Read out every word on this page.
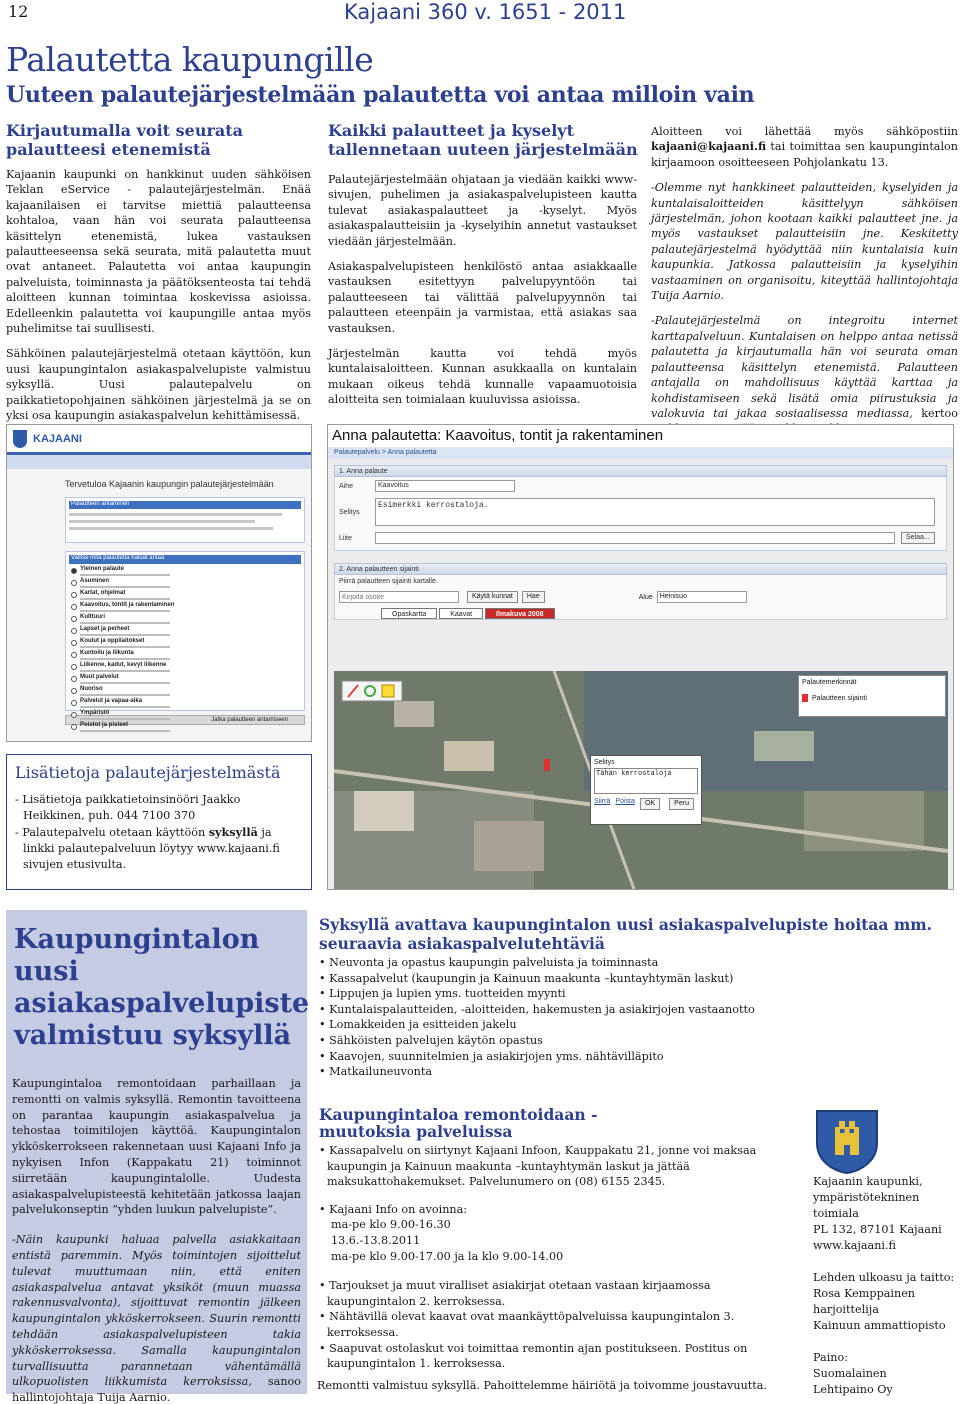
12	Kajaani 360 v. 1651 - 2011
Palautetta kaupungille
Uuteen palautejärjestelmään palautetta voi antaa milloin vain
Kirjautumalla voit seurata palautteesi etenemistä

Kajaanin kaupunki on hankkinut uuden sähköisen Teklan eService - palautejärjestelmän. Enää kajaanilaisen ei tarvitse miettiä palautteensa kohtaloa, vaan hän voi seurata palautteensa käsittelyn etenemistä, lukea vastauksen palautteeseensa sekä seurata, mitä palautetta muut ovat antaneet. Palautetta voi antaa kaupungin palveluista, toiminnasta ja päätöksenteosta tai tehdä aloitteen kunnan toimintaa koskevissa asioissa. Edelleenkin palautetta voi kaupungille antaa myös puhelimitse tai suullisesti.

Sähköinen palautejärjestelmä otetaan käyttöön, kun uusi kaupungintalon asiakaspalvelupiste valmistuu syksyllä. Uusi palautepalvelu on paikkatietopohjainen sähköinen järjestelmä ja se on yksi osa kaupungin asiakaspalvelun kehittämisessä.

Kaikki palautteet ja kyselyt tallennetaan uuteen järjestelmään

Palautejärjestelmään ohjataan ja viedään kaikki www-sivujen, puhelimen ja asiakaspalvelupisteen kautta tulevat asiakaspalautteet ja -kyselyt. Myös asiakaspalautteisiin ja -kyselyihin annetut vastaukset viedään järjestelmään.

Asiakaspalvelupisteen henkilöstö antaa asiakkaalle vastauksen esitettyyn palvelupyyntöön tai palautteeseen tai välittää palvelupyynnön tai palautteen eteenpäin ja varmistaa, että asiakas saa vastauksen.

Järjestelmän kautta voi tehdä myös kuntalaisaloitteen. Kunnan asukkaalla on kuntalain mukaan oikeus tehdä kunnalle vapaamuotoisia aloitteita sen toimialaan kuuluvissa asioissa.

Aloitteen voi lähettää myös sähköpostiin kajaani@kajaani.fi tai toimittaa sen kaupungintalon kirjaamoon osoitteeseen Pohjolankatu 13.

-Olemme nyt hankkineet palautteiden, kyselyiden ja kuntalaisaloitteiden käsittelyyn sähköisen järjestelmän, johon kootaan kaikki palautteet jne. ja myös vastaukset palautteisiin jne. Keskitetty palautejärjestelmä hyödyttää niin kuntalaisia kuin kaupunkia. Jatkossa palautteisiin ja kyselyihin vastaaminen on organisoitu, kiteyttää hallintojohtaja Tuija Aarnio.

-Palautejärjestelmä on integroitu internet karttapalveluun. Kuntalaisen on helppo antaa netissä palautetta ja kirjautumalla hän voi seurata oman palautteensa käsittelyn etenemistä. Palautteen antajalla on mahdollisuus käyttää karttaa ja kohdistamiseen sekä lisätä omia piirustuksia ja valokuvia tai jakaa sosiaalisessa mediassa, kertoo

KAJAANI
Tervetuloa Kajaanin kaupungin palautejärjestelmään
Palautteen antaminen
Valitse mitä palautetta haluat antaa
Yleinen palaute
Asuminen
Kartat, ohjelmat
Kaavoitus, tontit ja rakentaminen
Kulttuuri
Lapset ja perheet
Koulut ja oppilaitokset
Kuntoilu ja liikunta
Liikenne, kadut, kevyt liikenne
Muut palvelut
Nuoriso
Palvelut ja vapaa-aika
Ympäristö
Poistot ja pisteet
Jatka palautteen antamiseen
Anna palautetta: Kaavoitus, tontit ja rakentaminen
Palautepalvelu > Anna palautetta
1. Anna palaute
Aihe	Kaavoitus
Selitys
Esimerkki kerrostaloja.
Liite	Selaa...
2. Anna palautteen sijainti
Piirrä palautteen sijainti kartalle.
Kirjoita osoite
Käytä kunnat	Hae	Alue	Heinisuo
Opaskartta	Kaavat	Ilmakuva 2008
Palautemerkinnät
Palautteen sijainti
Selitys
Tähän kerrostaloja
Siirrä Poista	OK	Peru
Lisätietoja palautejärjestelmästä
- Lisätietoja paikkatietoinsinööri Jaakko Heikkinen, puh. 044 7100 370
- Palautepalvelu otetaan käyttöön syksyllä ja linkki palautepalveluun löytyy www.kajaani.fi sivujen etusivulta.
Kaupungintalon uusi asiakaspalvelupiste valmistuu syksyllä

Kaupungintaloa remontoidaan parhaillaan ja remontti on valmis syksyllä. Remontin tavoitteena on parantaa kaupungin asiakaspalvelua ja tehostaa toimitilojen käyttöä. Kaupungintalon ykköskerrokseen rakennetaan uusi Kajaani Info ja nykyisen Infon (Kappakatu 21) toiminnot siirretään kaupungintalolle. Uudesta asiakaspalvelupisteestä kehitetään jatkossa laajan palvelukonseptin ”yhden luukun palvelupiste”.

-Näin kaupunki haluaa palvella asiakkaitaan entistä paremmin. Myös toimintojen sijoittelut tulevat muuttumaan niin, että eniten asiakaspalvelua antavat yksiköt (muun muassa rakennusvalvonta), sijoittuvat remontin jälkeen kaupungintalon ykköskerrokseen. Suurin remontti tehdään asiakaspalvelupisteen takia ykköskerroksessa. Samalla kaupungintalon turvallisuutta parannetaan vähentämällä ulkopuolisten liikkumista kerroksissa, sanoo hallintojohtaja Tuija Aarnio.

Syksyllä avattava kaupungintalon uusi asiakaspalvelupiste hoitaa mm. seuraavia asiakaspalvelutehtäviä
• Neuvonta ja opastus kaupungin palveluista ja toiminnasta
• Kassapalvelut (kaupungin ja Kainuun maakunta –kuntayhtymän laskut)
• Lippujen ja lupien yms. tuotteiden myynti
• Kuntalaispalautteiden, -aloitteiden, hakemusten ja asiakirjojen vastaanotto
• Lomakkeiden ja esitteiden jakelu
• Sähköisten palvelujen käytön opastus
• Kaavojen, suunnitelmien ja asiakirjojen yms. nähtävilläpito
• Matkailuneuvonta
Kaupungintaloa remontoidaan - muutoksia palveluissa
• Kassapalvelu on siirtynyt Kajaani Infoon, Kauppakatu 21, jonne voi maksaa kaupungin ja Kainuun maakunta –kuntayhtymän laskut ja jättää maksukattohakemukset. Palvelunumero on (08) 6155 2345.
• Kajaani Info on avoinna:
ma-pe klo 9.00-16.30
13.6.-13.8.2011
ma-pe klo 9.00-17.00 ja la klo 9.00-14.00
• Tarjoukset ja muut viralliset asiakirjat otetaan vastaan kirjaamossa kaupungintalon 2. kerroksessa.
• Nähtävillä olevat kaavat ovat maankäyttöpalveluissa kaupungintalon 3. kerroksessa.
• Saapuvat ostolaskut voi toimittaa remontin ajan postitukseen. Postitus on kaupungintalon 1. kerroksessa.
Remontti valmistuu syksyllä. Pahoittelemme häiriötä ja toivomme joustavuutta.

Kajaanin kaupunki,
ympäristötekninen
toimiala
PL 132, 87101 Kajaani
www.kajaani.fi

Lehden ulkoasu ja taitto:
Rosa Kemppainen
harjoittelija
Kainuun ammattiopisto

Paino:
Suomalainen
Lehtipaino Oy
